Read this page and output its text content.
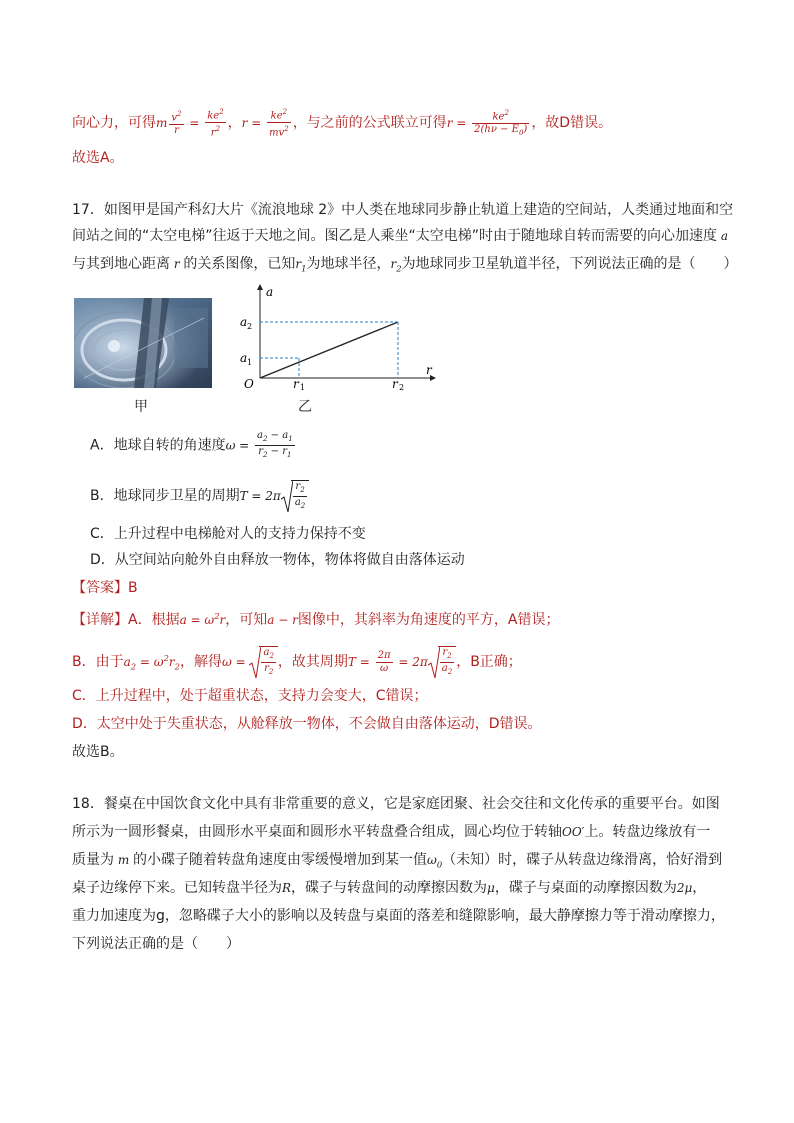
向心力，可得m $\frac{v^2}{r} = \frac{ke^2}{r^2}$ ，$r = \frac{ke^2}{mv^2}$ ，与之前的公式联立可得$r = \frac{ke^2}{2(h\nu - E_0)}$ ，故D错误。
故选A。
17．如图甲是国产科幻大片《流浪地球 2》中人类在地球同步静止轨道上建造的空间站，人类通过地面和空
间站之间的“太空电梯”往返于天地之间。图乙是人乘坐“太空电梯”时由于随地球自转而需要的向心加速度 a
与其到地心距离 r 的关系图像，已知$r_1$为地球半径，$r_2$为地球同步卫星轨道半径，下列说法正确的是（　　）
甲
a
r
O
a 1
a 2
r 1	r 2
乙
A．地球自转的角速度$\omega = \frac{a_2 - a_1}{r_2 - r_1}$
B．地球同步卫星的周期$T = 2\pi \frac{r_2}{a_2}$
C．上升过程中电梯舱对人的支持力保持不变
D．从空间站向舱外自由释放一物体，物体将做自由落体运动
【答案】B
【详解】A．根据$a = \omega^2r$，可知a − r图像中，其斜率为角速度的平方，A错误；
B．由于$a_2 = \omega^2r_2$，解得$\omega = \frac{a_2}{r_2}$ ，故其周期$T = \frac{2\pi}{\omega} = 2\pi \frac{r_2}{a_2}$ ，B正确；
C．上升过程中，处于超重状态，支持力会变大，C错误；
D．太空中处于失重状态，从舱释放一物体，不会做自由落体运动，D错误。
故选B。
18．餐桌在中国饮食文化中具有非常重要的意义，它是家庭团聚、社会交往和文化传承的重要平台。如图
所示为一圆形餐桌，由圆形水平桌面和圆形水平转盘叠合组成，圆心均位于转轴OO′上。转盘边缘放有一
质量为 m 的小碟子随着转盘角速度由零缓慢增加到某一值$\omega_0$（未知）时，碟子从转盘边缘滑离，恰好滑到
桌子边缘停下来。已知转盘半径为R，碟子与转盘间的动摩擦因数为μ，碟子与桌面的动摩擦因数为2μ，
重力加速度为g，忽略碟子大小的影响以及转盘与桌面的落差和缝隙影响，最大静摩擦力等于滑动摩擦力，
下列说法正确的是（　　）
